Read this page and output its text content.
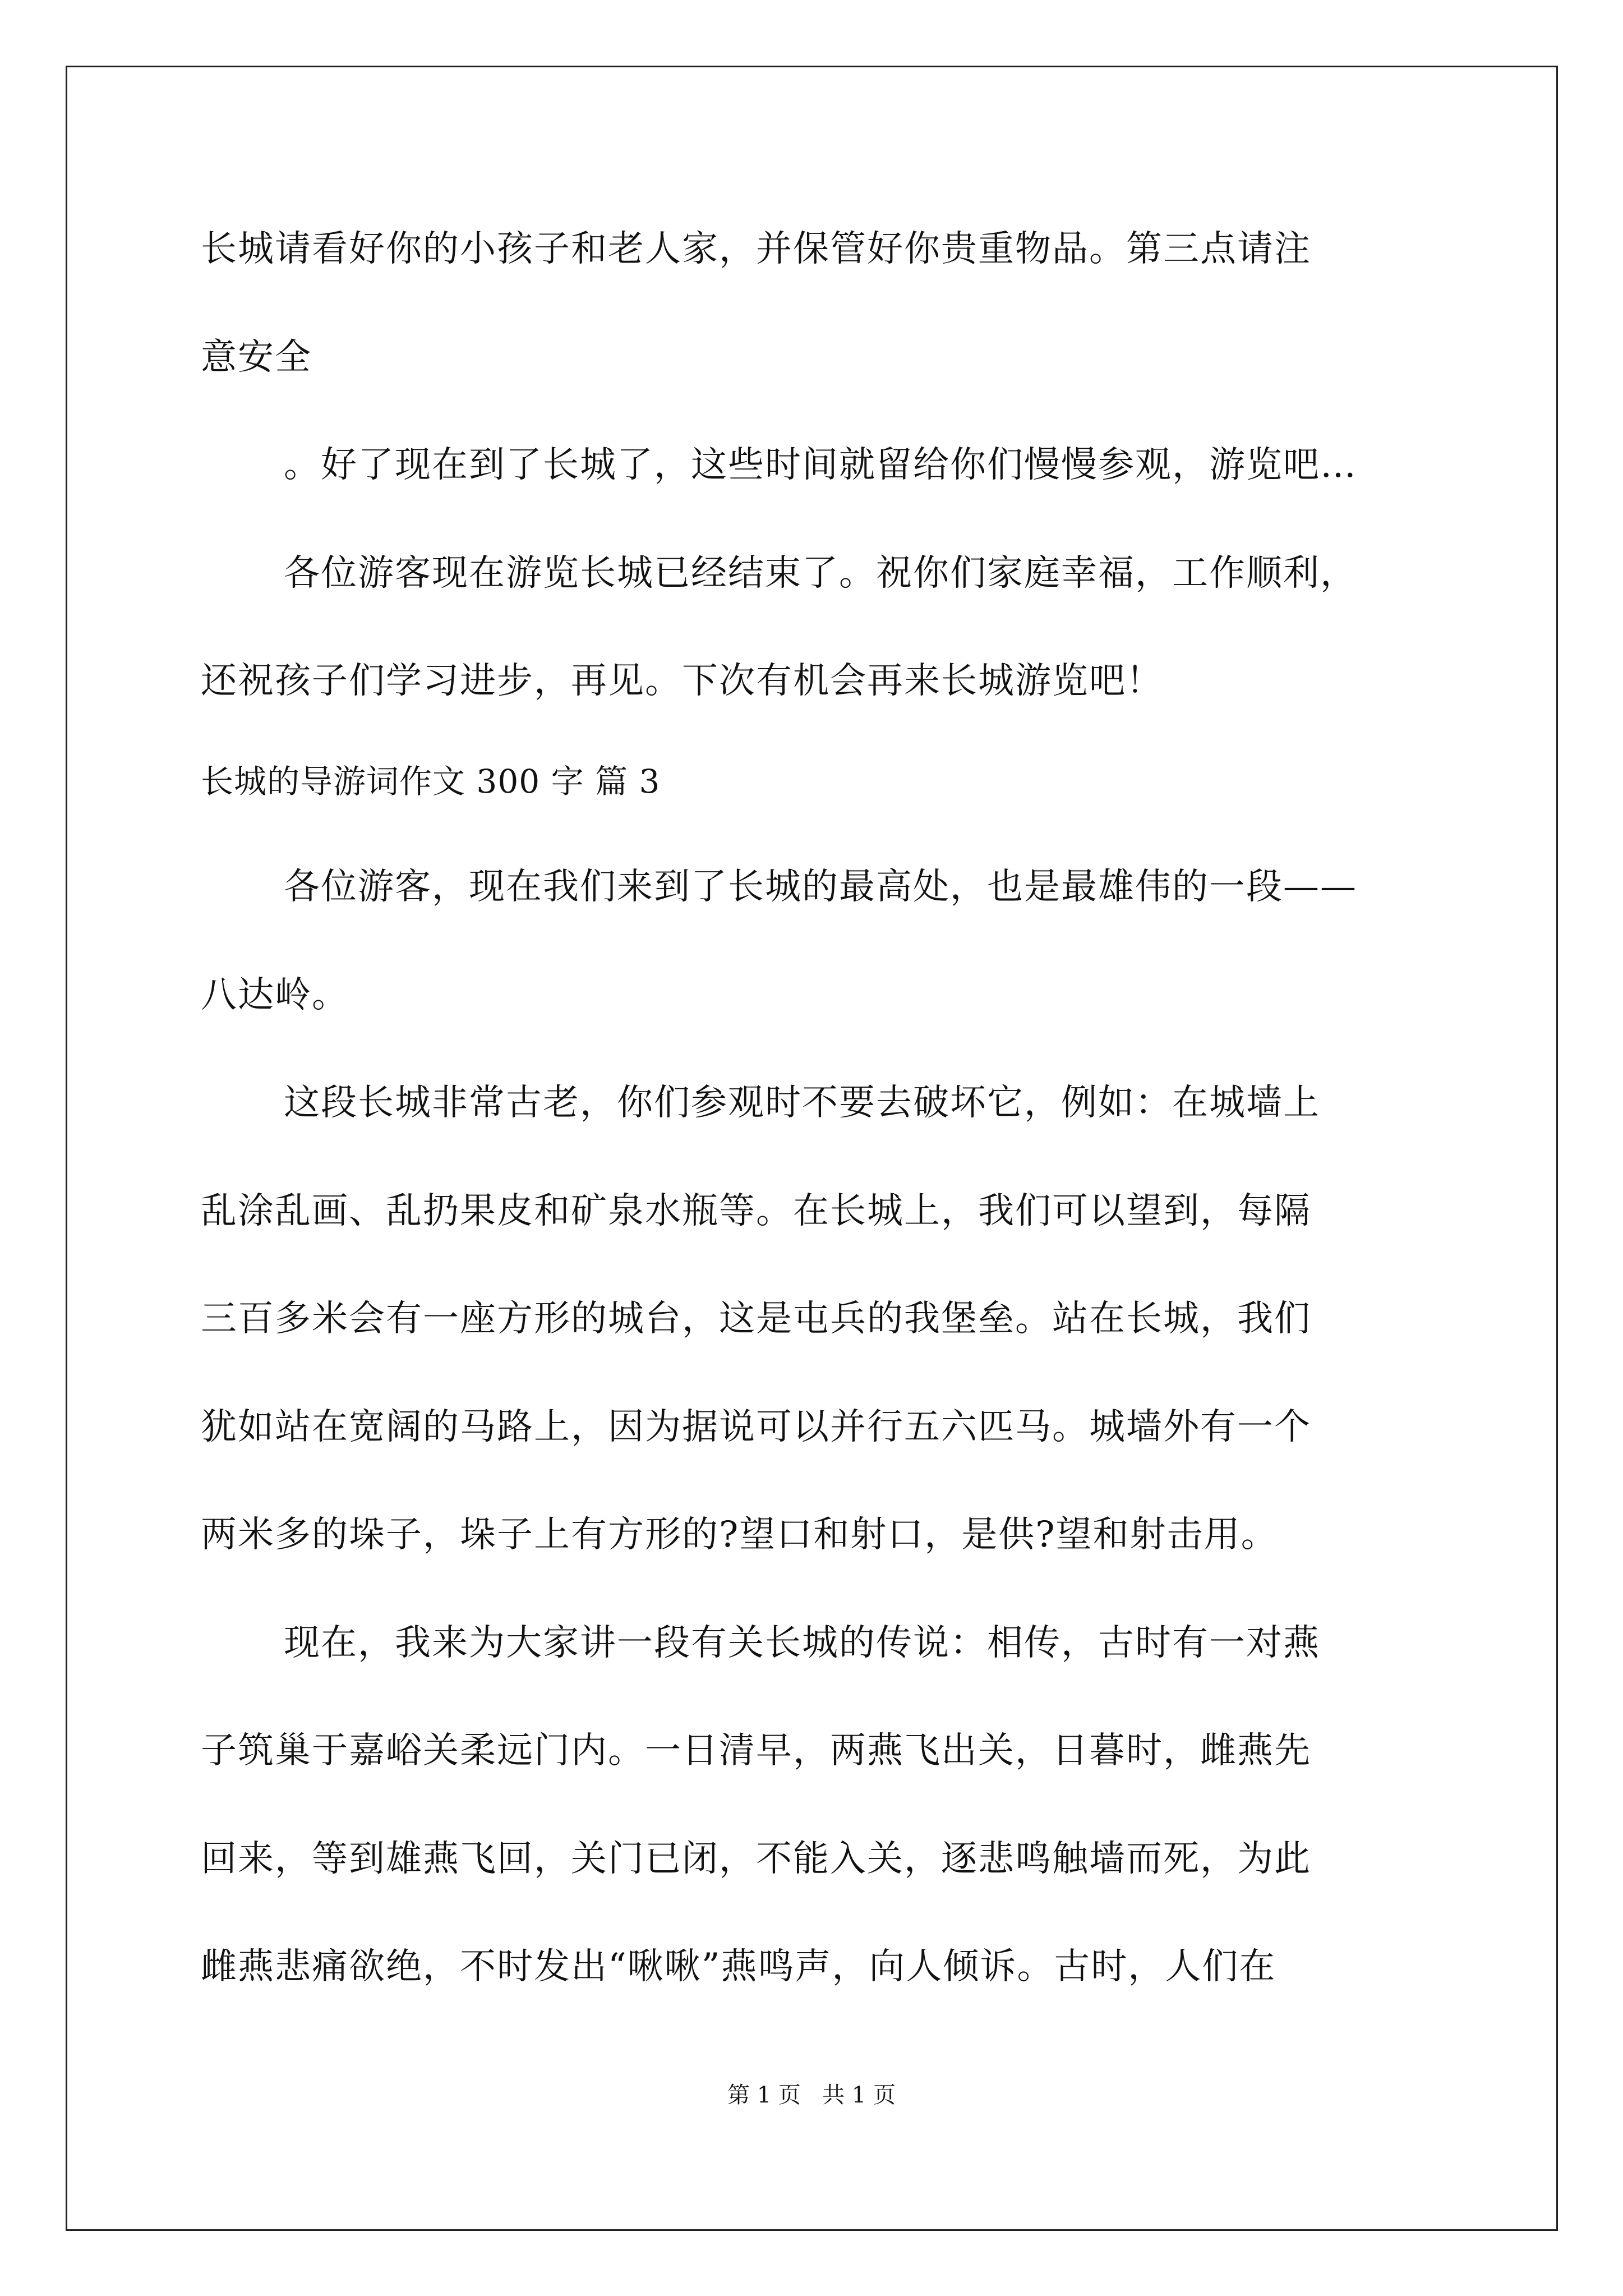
长城请看好你的小孩子和老人家，并保管好你贵重物品。第三点请注
意安全
。好了现在到了长城了，这些时间就留给你们慢慢参观，游览吧…
各位游客现在游览长城已经结束了。祝你们家庭幸福，工作顺利，
还祝孩子们学习进步，再见。下次有机会再来长城游览吧！
长城的导游词作文 300 字 篇 3
各位游客，现在我们来到了长城的最高处，也是最雄伟的一段——
八达岭。
这段长城非常古老，你们参观时不要去破坏它，例如：在城墙上
乱涂乱画、乱扔果皮和矿泉水瓶等。在长城上，我们可以望到，每隔
三百多米会有一座方形的城台，这是屯兵的我堡垒。站在长城，我们
犹如站在宽阔的马路上，因为据说可以并行五六匹马。城墙外有一个
两米多的垛子，垛子上有方形的?望口和射口，是供?望和射击用。
现在，我来为大家讲一段有关长城的传说：相传，古时有一对燕
子筑巢于嘉峪关柔远门内。一日清早，两燕飞出关，日暮时，雌燕先
回来，等到雄燕飞回，关门已闭，不能入关，逐悲鸣触墙而死，为此
雌燕悲痛欲绝，不时发出“啾啾”燕鸣声，向人倾诉。古时，人们在
第 1 页   共 1 页
